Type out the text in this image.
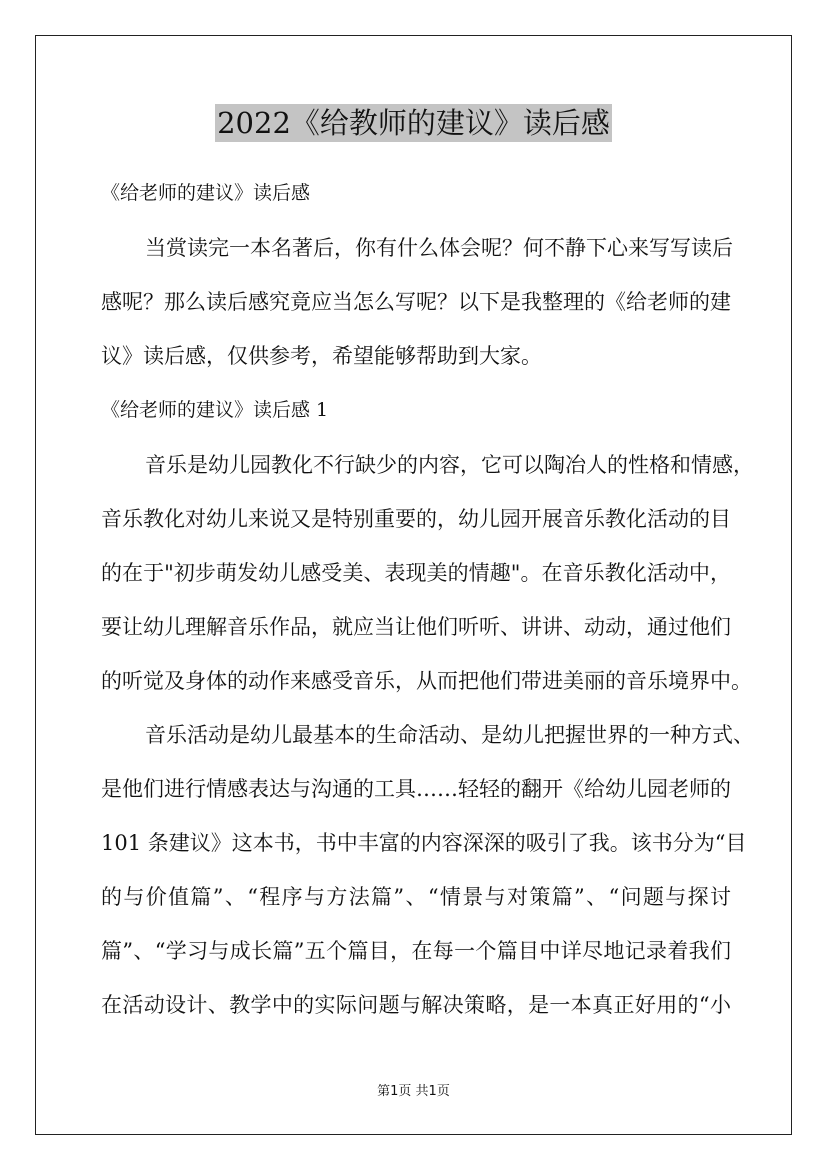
2022《给教师的建议》读后感
《给老师的建议》读后感
当赏读完一本名著后，你有什么体会呢？何不静下心来写写读后
感呢？那么读后感究竟应当怎么写呢？以下是我整理的《给老师的建
议》读后感，仅供参考，希望能够帮助到大家。
《给老师的建议》读后感 1
音乐是幼儿园教化不行缺少的内容，它可以陶冶人的性格和情感，
音乐教化对幼儿来说又是特别重要的，幼儿园开展音乐教化活动的目
的在于"初步萌发幼儿感受美、表现美的情趣"。在音乐教化活动中，
要让幼儿理解音乐作品，就应当让他们听听、讲讲、动动，通过他们
的听觉及身体的动作来感受音乐，从而把他们带进美丽的音乐境界中。
音乐活动是幼儿最基本的生命活动、是幼儿把握世界的一种方式、
是他们进行情感表达与沟通的工具……轻轻的翻开《给幼儿园老师的
101 条建议》这本书，书中丰富的内容深深的吸引了我。该书分为“目
的与价值篇”、“程序与方法篇”、“情景与对策篇”、“问题与探讨
篇”、“学习与成长篇”五个篇目，在每一个篇目中详尽地记录着我们
在活动设计、教学中的实际问题与解决策略，是一本真正好用的“小
第1页 共1页
